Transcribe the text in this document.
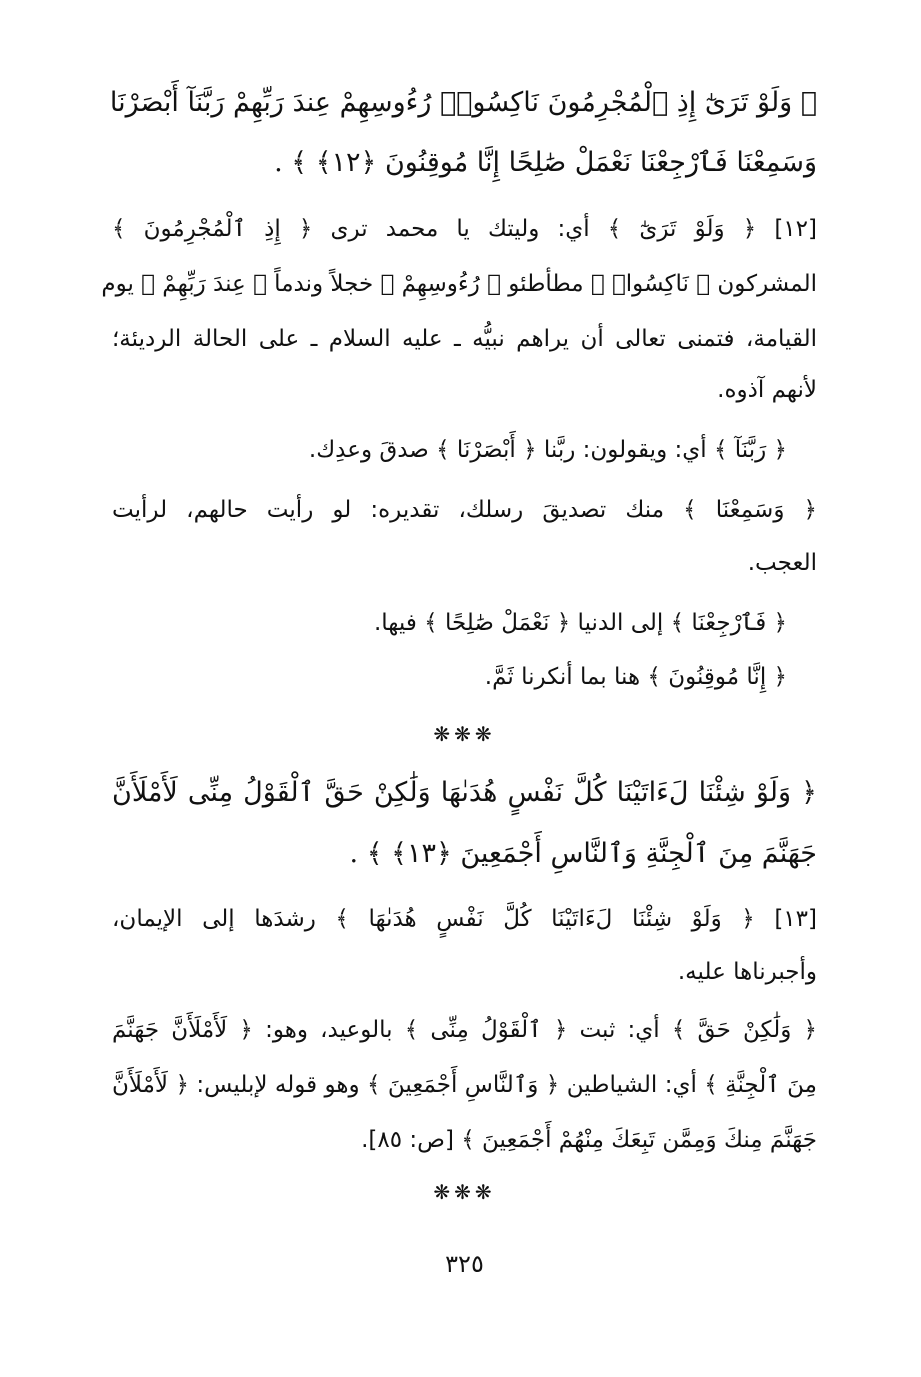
﴿ وَلَوْ تَرَىٰٓ إِذِ ٱلْمُجْرِمُونَ نَاكِسُوا۟ رُءُوسِهِمْ عِندَ رَبِّهِمْ رَبَّنَآ أَبْصَرْنَا
وَسَمِعْنَا فَٱرْجِعْنَا نَعْمَلْ صَٰلِحًا إِنَّا مُوقِنُونَ ﴿١٢﴾ ﴾ .
[١٢] ﴿ وَلَوْ تَرَىٰٓ ﴾ أي: وليتك يا محمد ترى ﴿ إِذِ ٱلْمُجْرِمُونَ ﴾
المشركون ﴿ نَاكِسُوا۟ ﴾ مطأطئو ﴿ رُءُوسِهِمْ ﴾ خجلاً وندماً ﴿ عِندَ رَبِّهِمْ ﴾ يوم
القيامة، فتمنى تعالى أن يراهم نبيُّه ـ عليه السلام ـ على الحالة الرديئة؛
لأنهم آذوه.
﴿ رَبَّنَآ ﴾ أي: ويقولون: ربَّنا ﴿ أَبْصَرْنَا ﴾ صدقَ وعدِك.
﴿ وَسَمِعْنَا ﴾ منك تصديقَ رسلك، تقديره: لو رأيت حالهم، لرأيت
العجب.
﴿ فَٱرْجِعْنَا ﴾ إلى الدنيا ﴿ نَعْمَلْ صَٰلِحًا ﴾ فيها.
﴿ إِنَّا مُوقِنُونَ ﴾ هنا بما أنكرنا ثَمَّ.
❋❋❋
﴿ وَلَوْ شِئْنَا لَءَاتَيْنَا كُلَّ نَفْسٍ هُدَىٰهَا وَلَٰكِنْ حَقَّ ٱلْقَوْلُ مِنِّى لَأَمْلَأَنَّ
جَهَنَّمَ مِنَ ٱلْجِنَّةِ وَٱلنَّاسِ أَجْمَعِينَ ﴿١٣﴾ ﴾ .
[١٣] ﴿ وَلَوْ شِئْنَا لَءَاتَيْنَا كُلَّ نَفْسٍ هُدَىٰهَا ﴾ رشدَها إلى الإيمان،
وأجبرناها عليه.
﴿ وَلَٰكِنْ حَقَّ ﴾ أي: ثبت ﴿ ٱلْقَوْلُ مِنِّى ﴾ بالوعيد، وهو: ﴿ لَأَمْلَأَنَّ جَهَنَّمَ
مِنَ ٱلْجِنَّةِ ﴾ أي: الشياطين ﴿ وَٱلنَّاسِ أَجْمَعِينَ ﴾ وهو قوله لإبليس: ﴿ لَأَمْلَأَنَّ
جَهَنَّمَ مِنكَ وَمِمَّن تَبِعَكَ مِنْهُمْ أَجْمَعِينَ ﴾ [ص: ٨٥].
❋❋❋
٣٢٥
